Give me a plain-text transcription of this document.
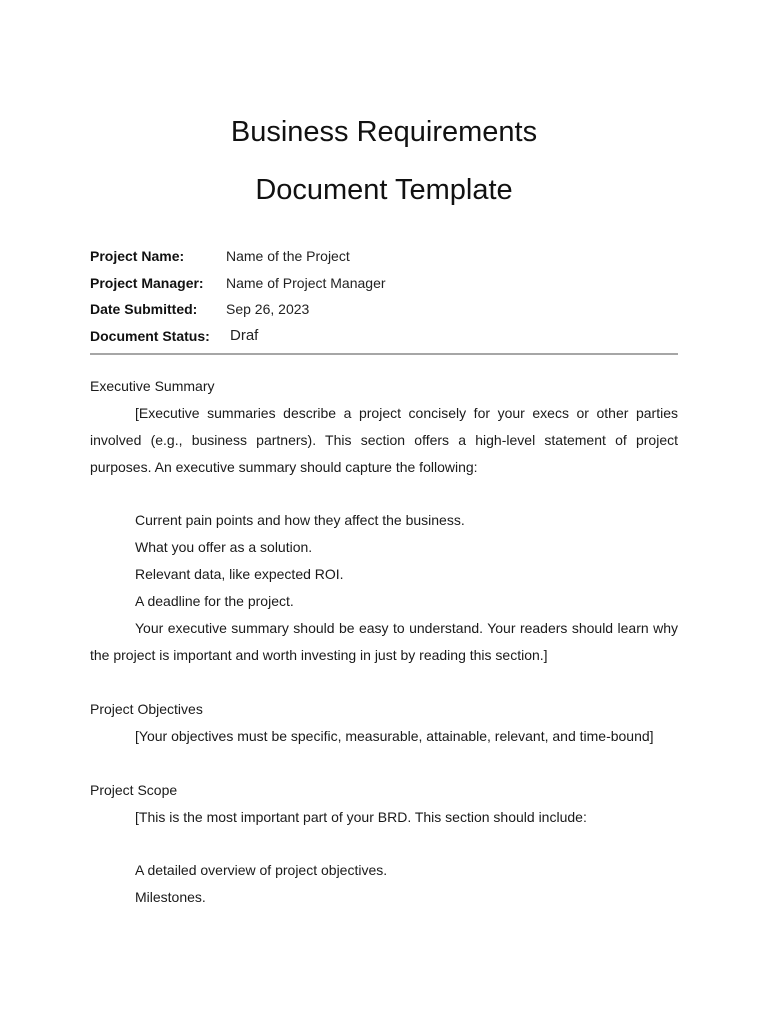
Business Requirements
Document Template
Project Name:	Name of the Project
Project Manager:	Name of Project Manager
Date Submitted:	Sep 26, 2023
Document Status:	Draf
Executive Summary

[Executive summaries describe a project concisely for your execs or other parties involved (e.g., business partners). This section offers a high-level statement of project purposes. An executive summary should capture the following:

Current pain points and how they affect the business.
What you offer as a solution.
Relevant data, like expected ROI.
A deadline for the project.

Your executive summary should be easy to understand. Your readers should learn why the project is important and worth investing in just by reading this section.]

Project Objectives
[Your objectives must be specific, measurable, attainable, relevant, and time-bound]
Project Scope
[This is the most important part of your BRD. This section should include:
A detailed overview of project objectives.
Milestones.
